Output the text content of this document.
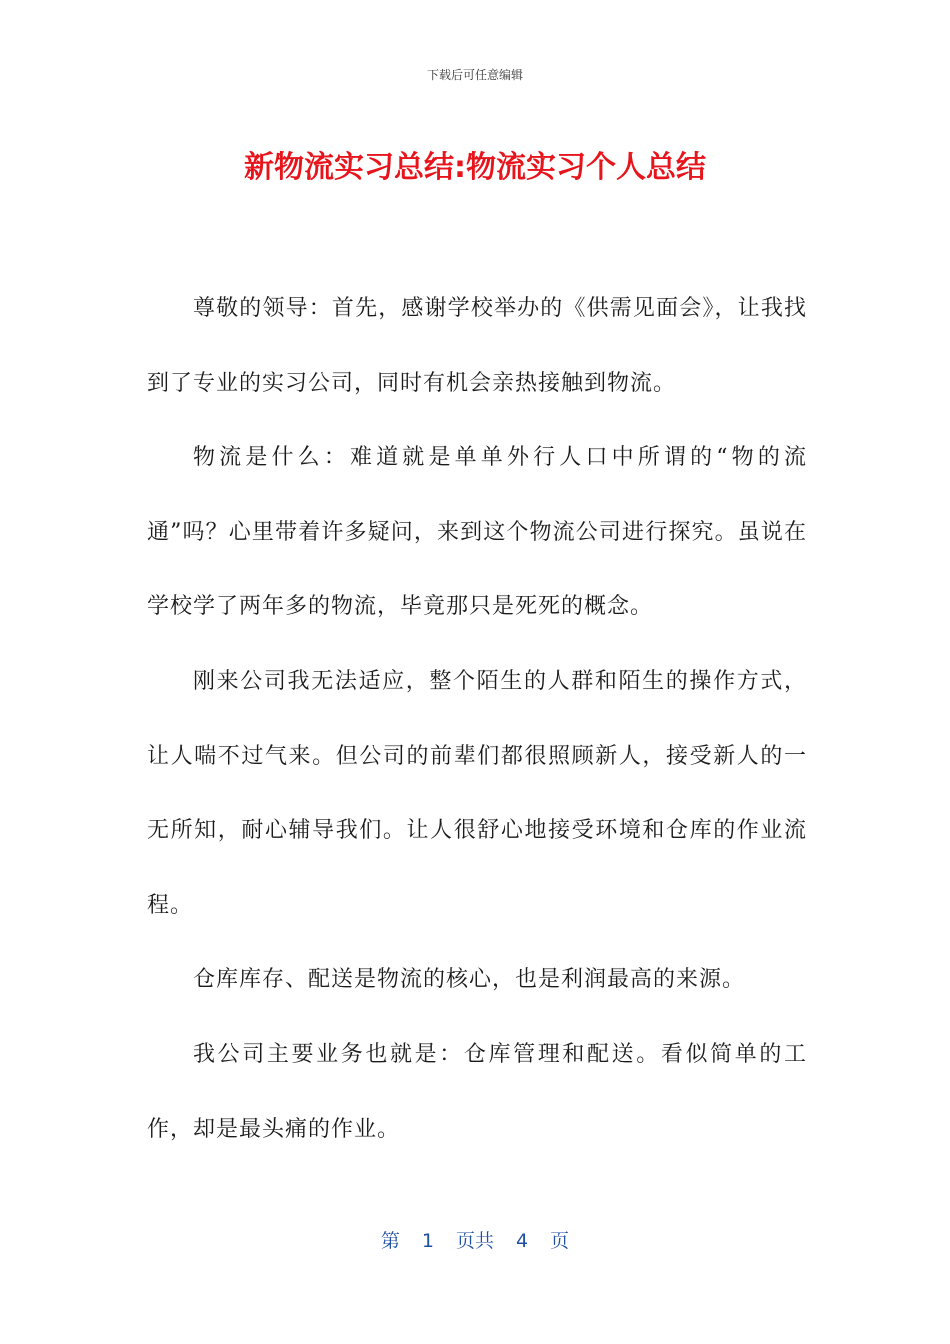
下载后可任意编辑
新物流实习总结:物流实习个人总结

尊敬的领导：首先，感谢学校举办的《供需见面会》，让我找到了专业的实习公司，同时有机会亲热接触到物流。

物流是什么：难道就是单单外行人口中所谓的“物的流通”吗？心里带着许多疑问，来到这个物流公司进行探究。虽说在学校学了两年多的物流，毕竟那只是死死的概念。

刚来公司我无法适应，整个陌生的人群和陌生的操作方式，让人喘不过气来。但公司的前辈们都很照顾新人，接受新人的一无所知，耐心辅导我们。让人很舒心地接受环境和仓库的作业流程。

仓库库存、配送是物流的核心，也是利润最高的来源。

我公司主要业务也就是：仓库管理和配送。看似简单的工作，却是最头痛的作业。

第 1 页共 4 页
